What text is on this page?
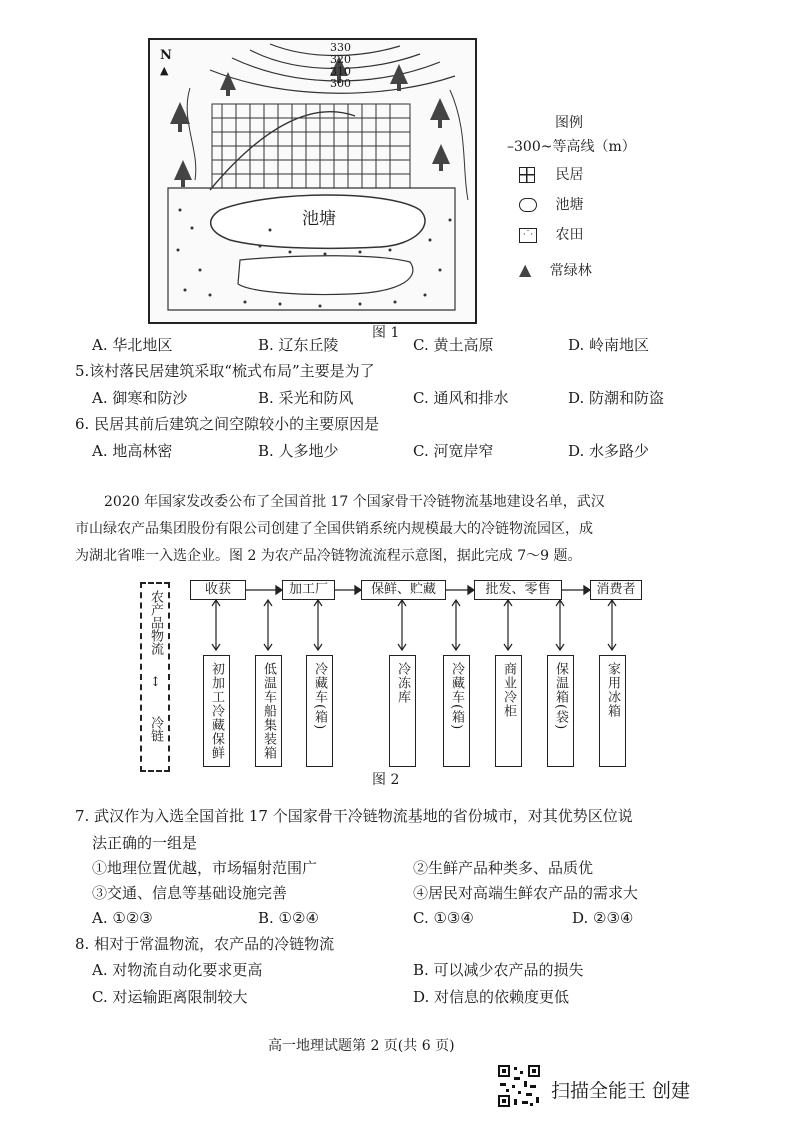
N
▲
330
320
310
300
池塘
图例
–300~等高线（m）
民居
池塘
·˙· 农田
▲ 常绿林
图 1
A. 华北地区	B. 辽东丘陵	C. 黄土高原	D. 岭南地区
5.该村落民居建筑采取“梳式布局”主要是为了
A. 御寒和防沙	B. 采光和防风	C. 通风和排水	D. 防潮和防盗
6. 民居其前后建筑之间空隙较小的主要原因是
A. 地高林密	B. 人多地少	C. 河宽岸窄	D. 水多路少
2020 年国家发改委公布了全国首批 17 个国家骨干冷链物流基地建设名单，武汉
市山绿农产品集团股份有限公司创建了全国供销系统内规模最大的冷链物流园区，成
为湖北省唯一入选企业。图 2 为农产品冷链物流流程示意图，据此完成 7～9 题。
农产品物流
↕
冷链
收获	加工厂	保鲜、贮藏	批发、零售	消费者
初加工冷藏保鲜	低温车船集装箱	冷藏车(箱)	冷冻库	冷藏车(箱)	商业冷柜	保温箱(袋)	家用冰箱
图 2
7. 武汉作为入选全国首批 17 个国家骨干冷链物流基地的省份城市，对其优势区位说
法正确的一组是
①地理位置优越，市场辐射范围广	②生鲜产品种类多、品质优
③交通、信息等基础设施完善	④居民对高端生鲜农产品的需求大
A. ①②③	B. ①②④	C. ①③④	D. ②③④
8. 相对于常温物流，农产品的冷链物流
A. 对物流自动化要求更高	B. 可以减少农产品的损失
C. 对运输距离限制较大	D. 对信息的依赖度更低
高一地理试题第 2 页(共 6 页)
扫描全能王 创建
